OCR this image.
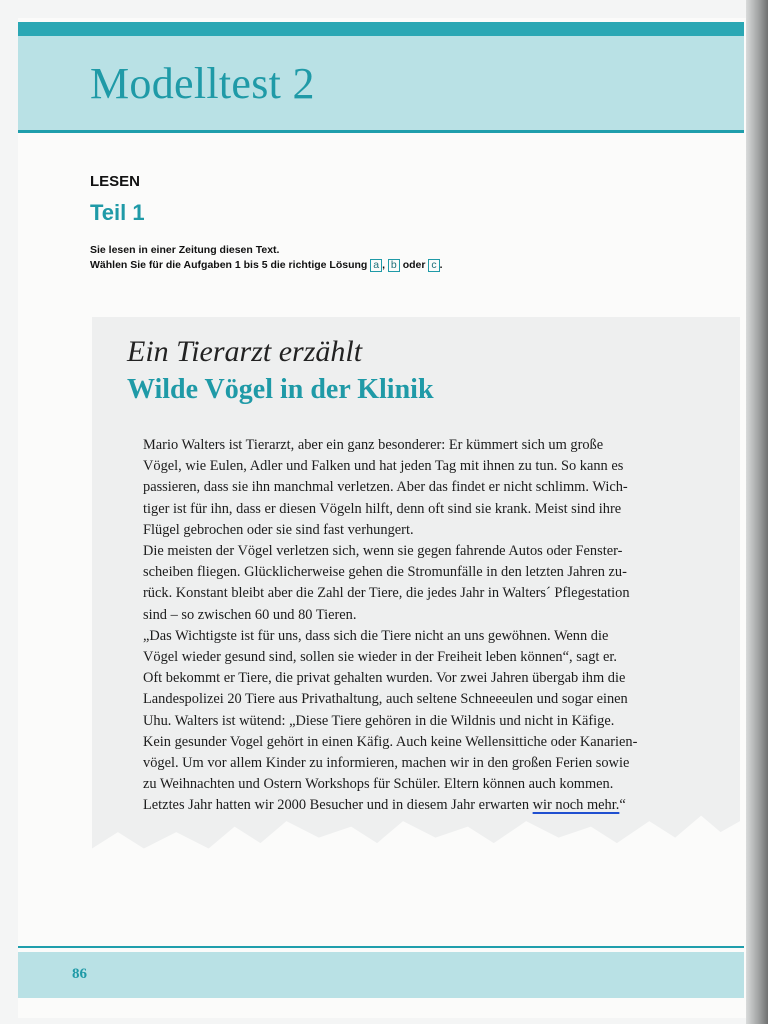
Modelltest 2
LESEN
Teil 1
Sie lesen in einer Zeitung diesen Text.
Wählen Sie für die Aufgaben 1 bis 5 die richtige Lösung a , b oder c .
Ein Tierarzt erzählt
Wilde Vögel in der Klinik
Mario Walters ist Tierarzt, aber ein ganz besonderer: Er kümmert sich um große
Vögel, wie Eulen, Adler und Falken und hat jeden Tag mit ihnen zu tun. So kann es
passieren, dass sie ihn manchmal verletzen. Aber das findet er nicht schlimm. Wich-
tiger ist für ihn, dass er diesen Vögeln hilft, denn oft sind sie krank. Meist sind ihre
Flügel gebrochen oder sie sind fast verhungert.
Die meisten der Vögel verletzen sich, wenn sie gegen fahrende Autos oder Fenster-
scheiben fliegen. Glücklicherweise gehen die Stromunfälle in den letzten Jahren zu-
rück. Konstant bleibt aber die Zahl der Tiere, die jedes Jahr in Walters´ Pflegestation
sind – so zwischen 60 und 80 Tieren.
„Das Wichtigste ist für uns, dass sich die Tiere nicht an uns gewöhnen. Wenn die
Vögel wieder gesund sind, sollen sie wieder in der Freiheit leben können“, sagt er.
Oft bekommt er Tiere, die privat gehalten wurden. Vor zwei Jahren übergab ihm die
Landespolizei 20 Tiere aus Privathaltung, auch seltene Schneeeulen und sogar einen
Uhu. Walters ist wütend: „Diese Tiere gehören in die Wildnis und nicht in Käfige.
Kein gesunder Vogel gehört in einen Käfig. Auch keine Wellensittiche oder Kanarien-
vögel. Um vor allem Kinder zu informieren, machen wir in den großen Ferien sowie
zu Weihnachten und Ostern Workshops für Schüler. Eltern können auch kommen.
Letztes Jahr hatten wir 2000 Besucher und in diesem Jahr erwarten wir noch mehr.“
86
